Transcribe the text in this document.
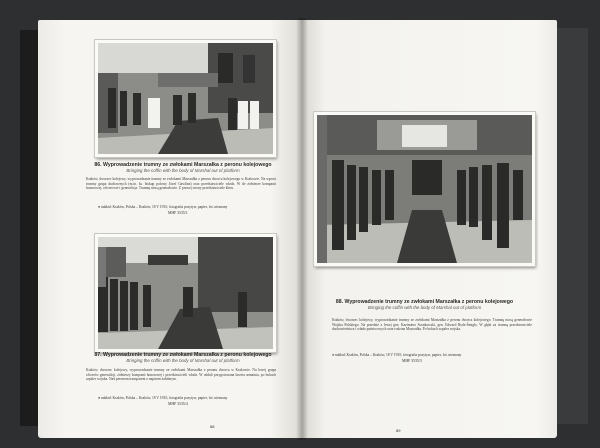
86. Wyprowadzenie trumny ze zwłokami Marszałka z peronu kolejowego
Bringing the coffin with the body of Marshal out of platform
Kraków, dworzec kolejowy, wyprowadzanie trumny ze zwłokami Marszałka z peronu dworca kolejowego w Krakowie. Na wprost trumny grupa duchownych (m.in. ks. biskup polowy Józef Gawlina) oraz przedstawiciele władz. W tle żołnierze kompanii honorowej, oficerowie i generalicja. Trumnę niosą generałowie. Z prawej strony przedstawiciele kleru.
● nakład: Kraków, Polska – Kraków, 18 V 1935; fotografia pozytyw, papier, fot. nieznany
MHF 3535/1
87. Wyprowadzenie trumny ze zwłokami Marszałka z peronu kolejowego
Bringing the coffin with the body of Marshal out of platform
Kraków, dworzec kolejowy, wyprowadzanie trumny ze zwłokami Marszałka z peronu dworca w Krakowie. Na lewej grupa oficerów generalicji, żołnierzy kompanii honorowej i przedstawicieli władz. W oddali przygotowana laweta armatnia, po bokach szpaler wojska. Nad peronem transparent z napisem żałobnym.
● nakład: Kraków, Polska – Kraków, 18 V 1935; fotografia pozytyw, papier, fot. nieznany
MHF 3535/4
88
88. Wyprowadzenie trumny ze zwłokami Marszałka z peronu kolejowego
Bringing the coffin with the body of Marshal out of platform
Kraków, dworzec kolejowy, wyprowadzanie trumny ze zwłokami Marszałka z peronu dworca kolejowego. Trumnę niosą generałowie Wojska Polskiego. Na przedzie z lewej gen. Kazimierz Sosnkowski, gen. Edward Rydz-Śmigły. W głębi za trumną przedstawiciele duchowieństwa i władz państwowych oraz rodzina Marszałka. Po bokach szpaler wojska.
● nakład: Kraków, Polska – Kraków, 18 V 1935; fotografia pozytyw, papier, fot. nieznany
MHF 3535/3
89
